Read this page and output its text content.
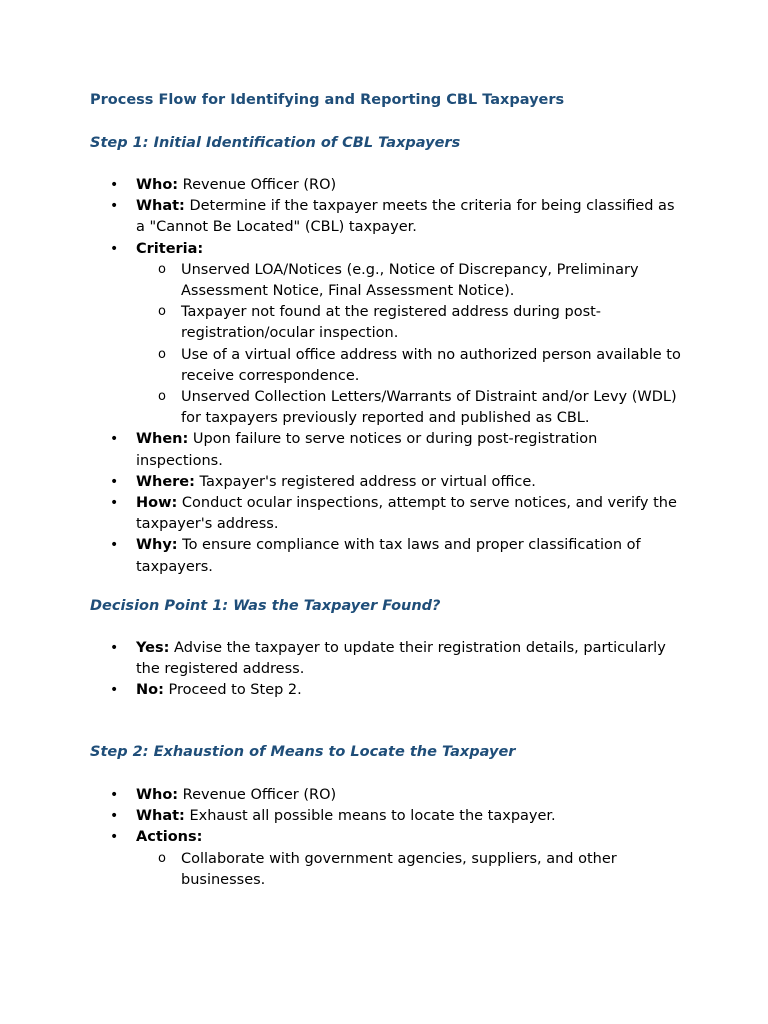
Process Flow for Identifying and Reporting CBL Taxpayers
Step 1: Initial Identification of CBL Taxpayers
• Who: Revenue Officer (RO)
• What: Determine if the taxpayer meets the criteria for being classified as a "Cannot Be Located" (CBL) taxpayer.
• Criteria:
o Unserved LOA/Notices (e.g., Notice of Discrepancy, Preliminary Assessment Notice, Final Assessment Notice).
o Taxpayer not found at the registered address during post-registration/ocular inspection.
o Use of a virtual office address with no authorized person available to receive correspondence.
o Unserved Collection Letters/Warrants of Distraint and/or Levy (WDL) for taxpayers previously reported and published as CBL.
• When: Upon failure to serve notices or during post-registration inspections.
• Where: Taxpayer's registered address or virtual office.
• How: Conduct ocular inspections, attempt to serve notices, and verify the taxpayer's address.
• Why: To ensure compliance with tax laws and proper classification of taxpayers.
Decision Point 1: Was the Taxpayer Found?
• Yes: Advise the taxpayer to update their registration details, particularly the registered address.
• No: Proceed to Step 2.
Step 2: Exhaustion of Means to Locate the Taxpayer
• Who: Revenue Officer (RO)
• What: Exhaust all possible means to locate the taxpayer.
• Actions:
o Collaborate with government agencies, suppliers, and other businesses.
